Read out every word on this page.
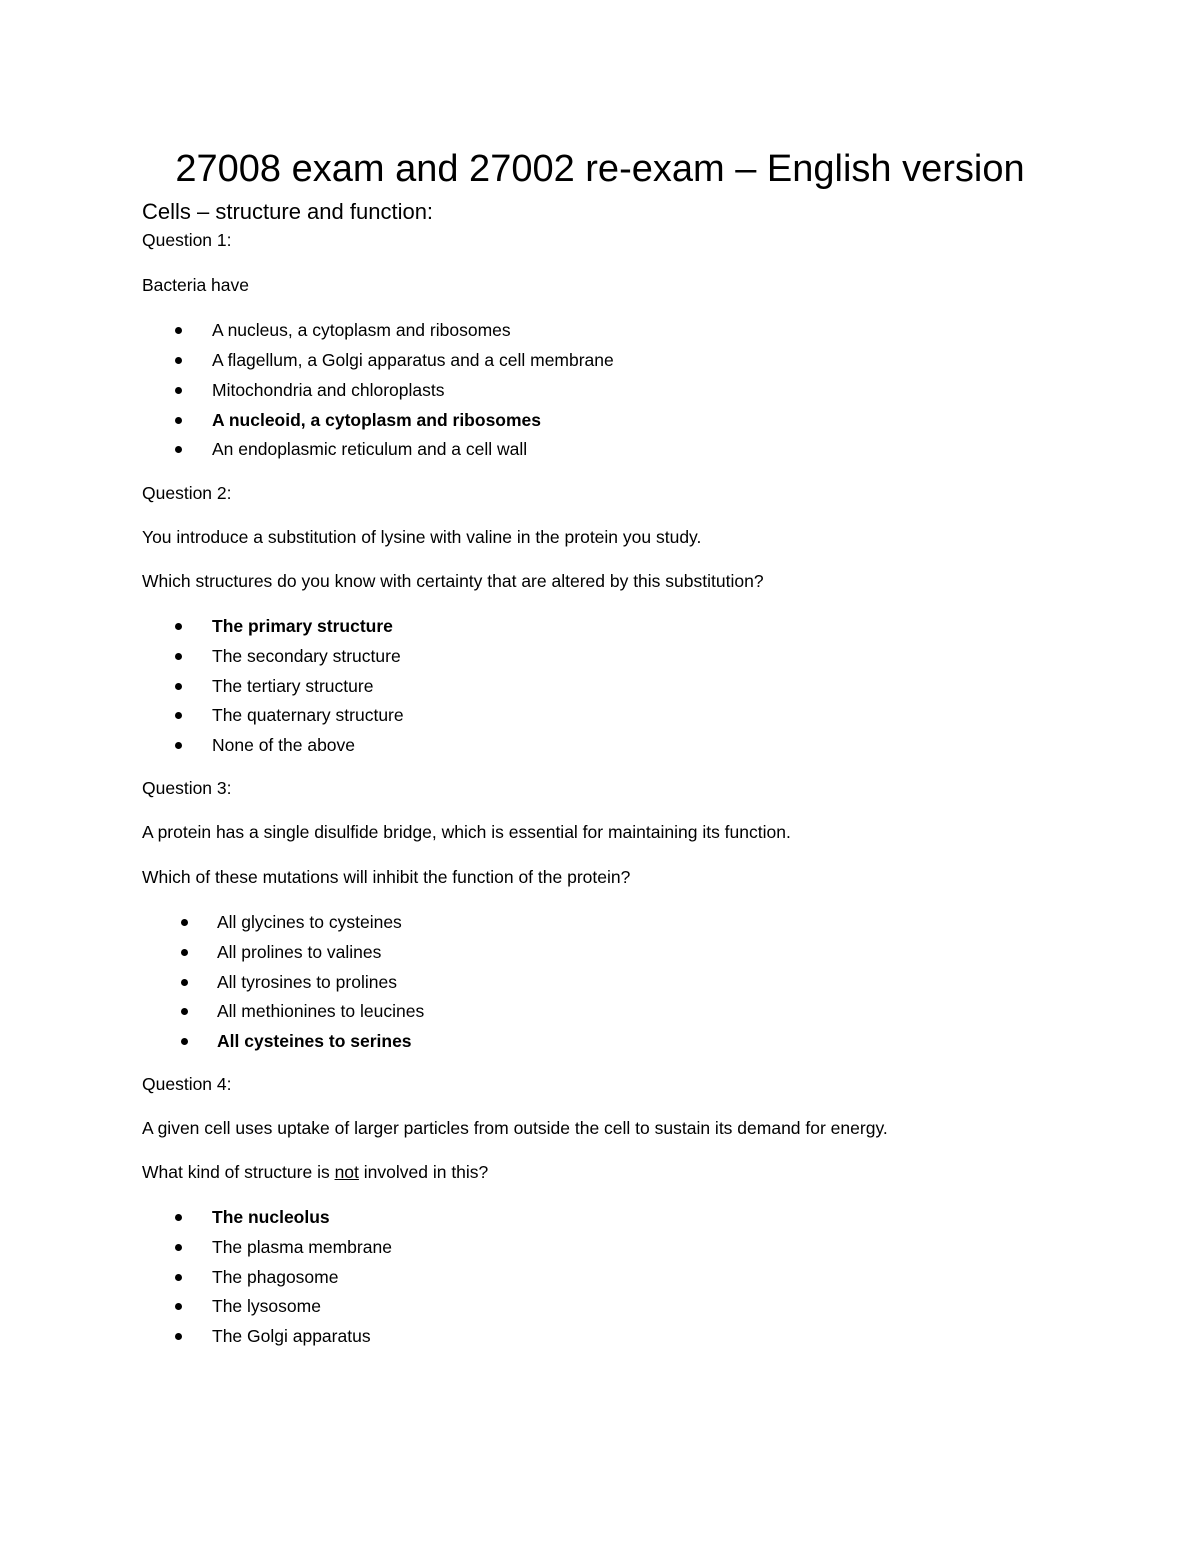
27008 exam and 27002 re-exam – English version
Cells – structure and function:

Question 1:

Bacteria have

A nucleus, a cytoplasm and ribosomes

A flagellum, a Golgi apparatus and a cell membrane

Mitochondria and chloroplasts

A nucleoid, a cytoplasm and ribosomes

An endoplasmic reticulum and a cell wall

Question 2:

You introduce a substitution of lysine with valine in the protein you study.

Which structures do you know with certainty that are altered by this substitution?

The primary structure

The secondary structure

The tertiary structure

The quaternary structure

None of the above

Question 3:

A protein has a single disulfide bridge, which is essential for maintaining its function.

Which of these mutations will inhibit the function of the protein?

All glycines to cysteines

All prolines to valines

All tyrosines to prolines

All methionines to leucines

All cysteines to serines

Question 4:

A given cell uses uptake of larger particles from outside the cell to sustain its demand for energy.

What kind of structure is not involved in this?

The nucleolus

The plasma membrane

The phagosome

The lysosome

The Golgi apparatus
